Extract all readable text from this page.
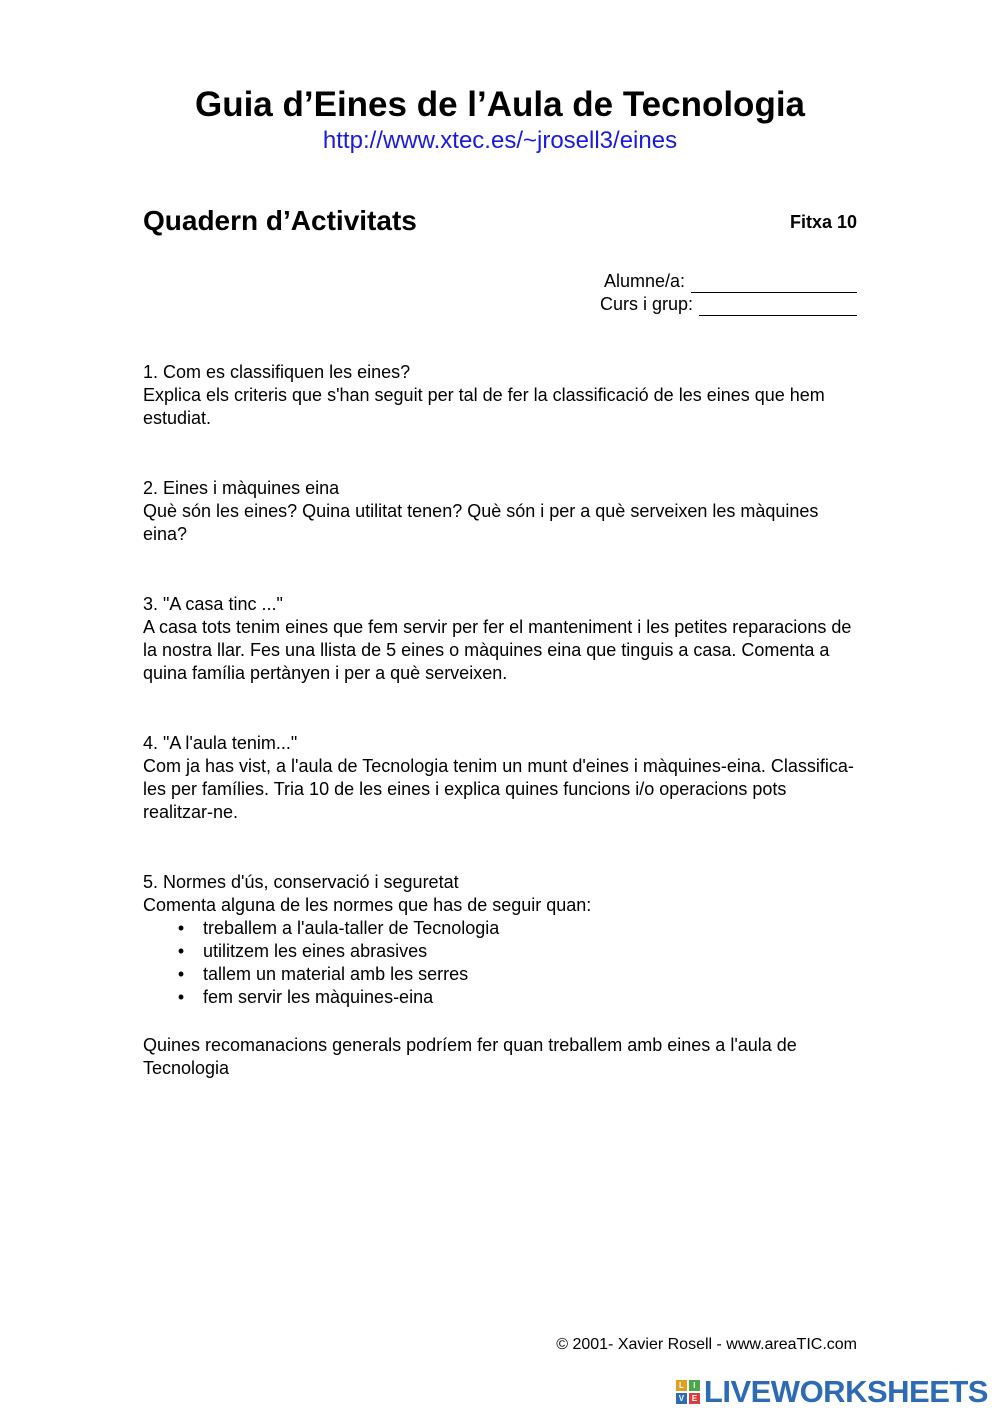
Guia d’Eines de l’Aula de Tecnologia
http://www.xtec.es/~jrosell3/eines
Quadern d’Activitats	Fitxa 10
Alumne/a:
Curs i grup:

1. Com es classifiquen les eines?

Explica els criteris que s'han seguit per tal de fer la classificació de les eines que hem estudiat.

2. Eines i màquines eina

Què són les eines? Quina utilitat tenen? Què són i per a què serveixen les màquines eina?

3. "A casa tinc ..."

A casa tots tenim eines que fem servir per fer el manteniment i les petites reparacions de la nostra llar. Fes una llista de 5 eines o màquines eina que tinguis a casa. Comenta a quina família pertànyen i per a què serveixen.

4. "A l'aula tenim..."

Com ja has vist, a l'aula de Tecnologia tenim un munt d'eines i màquines-eina. Classifica-les per famílies. Tria 10 de les eines i explica quines funcions i/o operacions pots realitzar-ne.

5. Normes d'ús, conservació i seguretat

Comenta alguna de les normes que has de seguir quan:

• treballem a l'aula-taller de Tecnologia
• utilitzem les eines abrasives
• tallem un material amb les serres
• fem servir les màquines-eina
Quines recomanacions generals podríem fer quan treballem amb eines a l'aula de Tecnologia
© 2001- Xavier Rosell - www.areaTIC.com
L	I
V E LIVEWORKSHEETS
